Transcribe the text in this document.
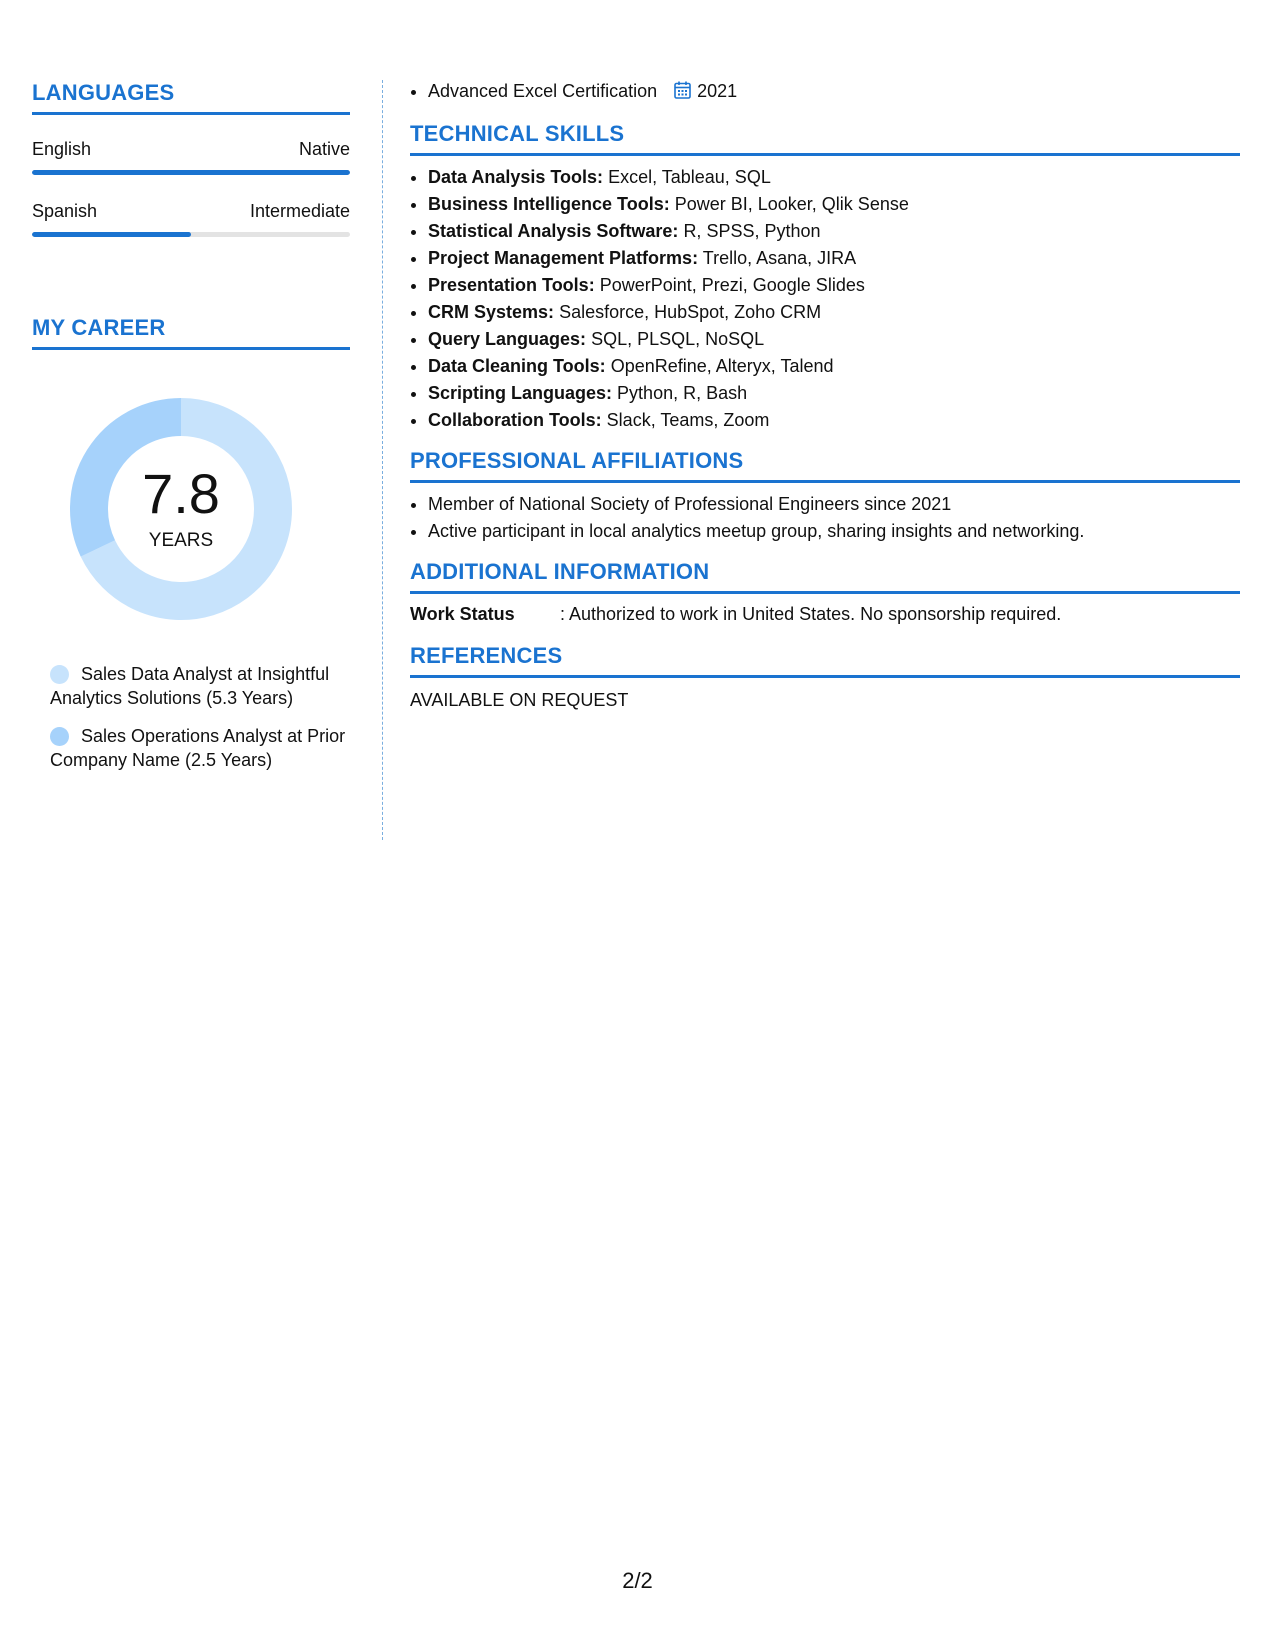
LANGUAGES
English	Native
Spanish	Intermediate
MY CAREER
7.8
YEARS
Sales Data Analyst at Insightful Analytics Solutions (5.3 Years)
Sales Operations Analyst at Prior Company Name (2.5 Years)
• Advanced Excel Certification 2021
TECHNICAL SKILLS
• Data Analysis Tools: Excel, Tableau, SQL
• Business Intelligence Tools: Power BI, Looker, Qlik Sense
• Statistical Analysis Software: R, SPSS, Python
• Project Management Platforms: Trello, Asana, JIRA
• Presentation Tools: PowerPoint, Prezi, Google Slides
• CRM Systems: Salesforce, HubSpot, Zoho CRM
• Query Languages: SQL, PLSQL, NoSQL
• Data Cleaning Tools: OpenRefine, Alteryx, Talend
• Scripting Languages: Python, R, Bash
• Collaboration Tools: Slack, Teams, Zoom
PROFESSIONAL AFFILIATIONS
• Member of National Society of Professional Engineers since 2021
• Active participant in local analytics meetup group, sharing insights and networking.
ADDITIONAL INFORMATION
Work Status	: Authorized to work in United States. No sponsorship required.
REFERENCES
AVAILABLE ON REQUEST
2/2
